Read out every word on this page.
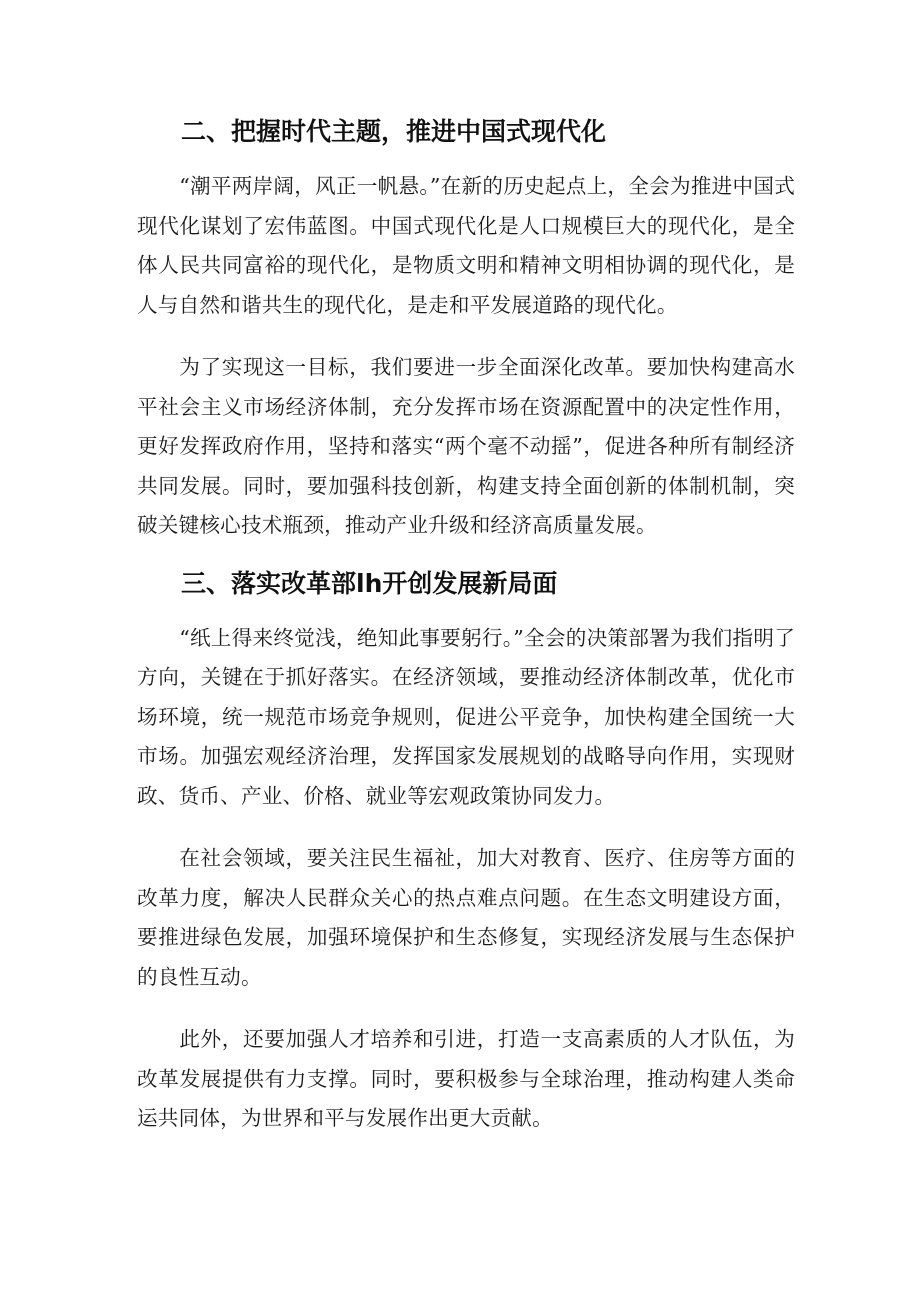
二、把握时代主题，推进中国式现代化

“潮平两岸阔，风正一帆悬。”在新的历史起点上，全会为推进中国式现代化谋划了宏伟蓝图。中国式现代化是人口规模巨大的现代化，是全体人民共同富裕的现代化，是物质文明和精神文明相协调的现代化，是人与自然和谐共生的现代化，是走和平发展道路的现代化。

为了实现这一目标，我们要进一步全面深化改革。要加快构建高水平社会主义市场经济体制，充分发挥市场在资源配置中的决定性作用，更好发挥政府作用，坚持和落实“两个毫不动摇”，促进各种所有制经济共同发展。同时，要加强科技创新，构建支持全面创新的体制机制，突破关键核心技术瓶颈，推动产业升级和经济高质量发展。

三、落实改革部lh开创发展新局面

“纸上得来终觉浅，绝知此事要躬行。”全会的决策部署为我们指明了方向，关键在于抓好落实。在经济领域，要推动经济体制改革，优化市场环境，统一规范市场竞争规则，促进公平竞争，加快构建全国统一大市场。加强宏观经济治理，发挥国家发展规划的战略导向作用，实现财政、货币、产业、价格、就业等宏观政策协同发力。

在社会领域，要关注民生福祉，加大对教育、医疗、住房等方面的改革力度，解决人民群众关心的热点难点问题。在生态文明建设方面，要推进绿色发展，加强环境保护和生态修复，实现经济发展与生态保护的良性互动。

此外，还要加强人才培养和引进，打造一支高素质的人才队伍，为改革发展提供有力支撑。同时，要积极参与全球治理，推动构建人类命运共同体，为世界和平与发展作出更大贡献。
